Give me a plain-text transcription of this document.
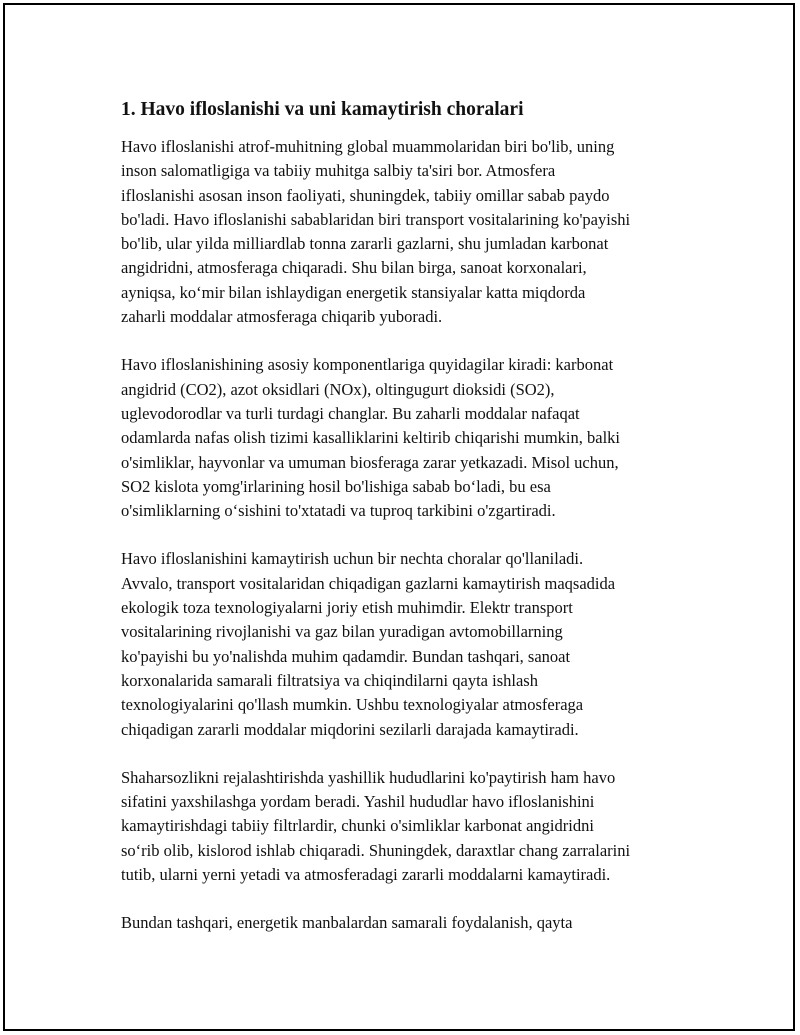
1. Havo ifloslanishi va uni kamaytirish choralari

Havo ifloslanishi atrof-muhitning global muammolaridan biri bo'lib, uning
inson salomatligiga va tabiiy muhitga salbiy ta'siri bor. Atmosfera
ifloslanishi asosan inson faoliyati, shuningdek, tabiiy omillar sabab paydo
bo'ladi. Havo ifloslanishi sabablaridan biri transport vositalarining ko'payishi
bo'lib, ular yilda milliardlab tonna zararli gazlarni, shu jumladan karbonat
angidridni, atmosferaga chiqaradi. Shu bilan birga, sanoat korxonalari,
ayniqsa, ko‘mir bilan ishlaydigan energetik stansiyalar katta miqdorda
zaharli moddalar atmosferaga chiqarib yuboradi.

Havo ifloslanishining asosiy komponentlariga quyidagilar kiradi: karbonat
angidrid (CO2), azot oksidlari (NOx), oltingugurt dioksidi (SO2),
uglevodorodlar va turli turdagi changlar. Bu zaharli moddalar nafaqat
odamlarda nafas olish tizimi kasalliklarini keltirib chiqarishi mumkin, balki
o'simliklar, hayvonlar va umuman biosferaga zarar yetkazadi. Misol uchun,
SO2 kislota yomg'irlarining hosil bo'lishiga sabab bo‘ladi, bu esa
o'simliklarning o‘sishini to'xtatadi va tuproq tarkibini o'zgartiradi.

Havo ifloslanishini kamaytirish uchun bir nechta choralar qo'llaniladi.
Avvalo, transport vositalaridan chiqadigan gazlarni kamaytirish maqsadida
ekologik toza texnologiyalarni joriy etish muhimdir. Elektr transport
vositalarining rivojlanishi va gaz bilan yuradigan avtomobillarning
ko'payishi bu yo'nalishda muhim qadamdir. Bundan tashqari, sanoat
korxonalarida samarali filtratsiya va chiqindilarni qayta ishlash
texnologiyalarini qo'llash mumkin. Ushbu texnologiyalar atmosferaga
chiqadigan zararli moddalar miqdorini sezilarli darajada kamaytiradi.

Shaharsozlikni rejalashtirishda yashillik hududlarini ko'paytirish ham havo
sifatini yaxshilashga yordam beradi. Yashil hududlar havo ifloslanishini
kamaytirishdagi tabiiy filtrlardir, chunki o'simliklar karbonat angidridni
so‘rib olib, kislorod ishlab chiqaradi. Shuningdek, daraxtlar chang zarralarini
tutib, ularni yerni yetadi va atmosferadagi zararli moddalarni kamaytiradi.

Bundan tashqari, energetik manbalardan samarali foydalanish, qayta
